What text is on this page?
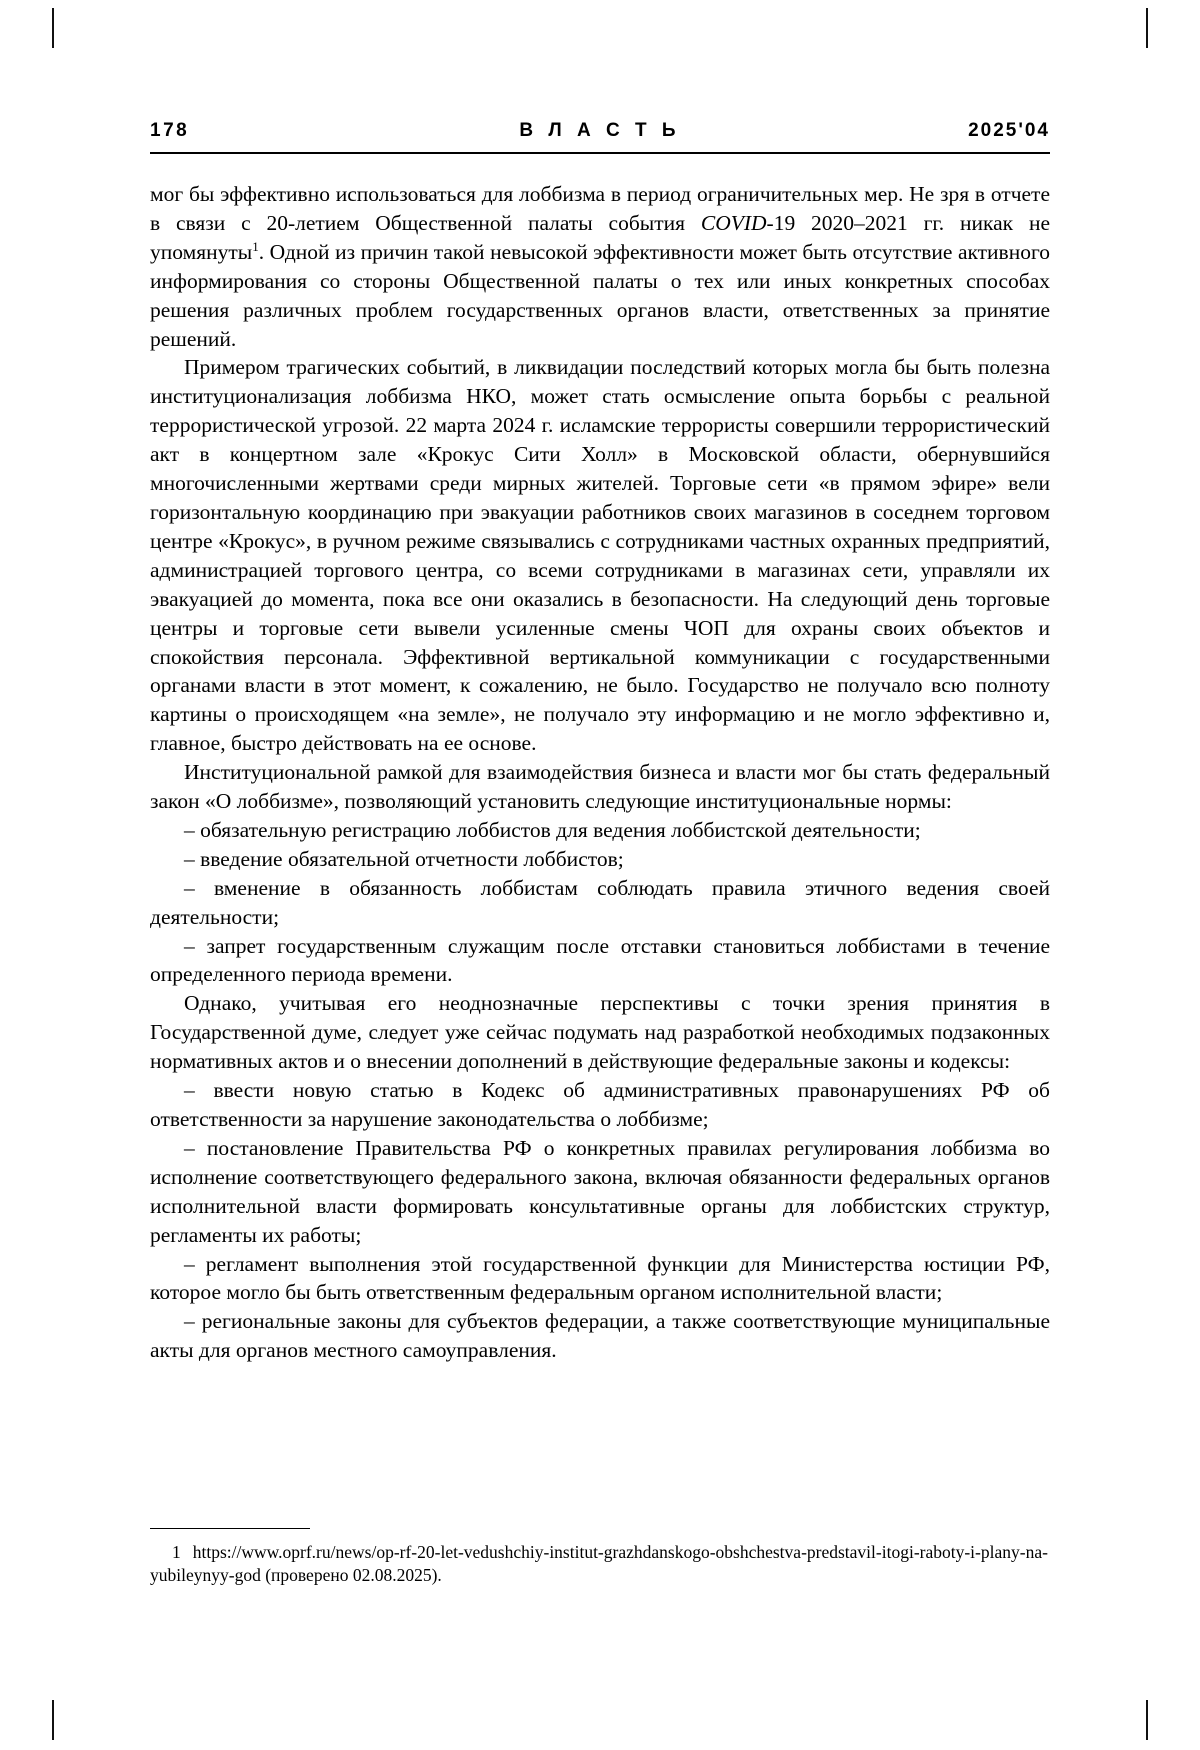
178	В Л А С Т Ь	2025'04

мог бы эффективно использоваться для лоббизма в период ограничительных мер. Не зря в отчете в связи с 20-летием Общественной палаты события COVID-19 2020–2021 гг. никак не упомянуты$^1$. Одной из причин такой невысокой эффективности может быть отсутствие активного информирования со стороны Общественной палаты о тех или иных конкретных способах решения различных проблем государственных органов власти, ответственных за принятие решений.

Примером трагических событий, в ликвидации последствий которых могла бы быть полезна институционализация лоббизма НКО, может стать осмысление опыта борьбы с реальной террористической угрозой. 22 марта 2024 г. исламские террористы совершили террористический акт в концертном зале «Крокус Сити Холл» в Московской области, обернувшийся многочисленными жертвами среди мирных жителей. Торговые сети «в прямом эфире» вели горизонтальную координацию при эвакуации работников своих магазинов в соседнем торговом центре «Крокус», в ручном режиме связывались с сотрудниками частных охранных предприятий, администрацией торгового центра, со всеми сотрудниками в магазинах сети, управляли их эвакуацией до момента, пока все они оказались в безопасности. На следующий день торговые центры и торговые сети вывели усиленные смены ЧОП для охраны своих объектов и спокойствия персонала. Эффективной вертикальной коммуникации с государственными органами власти в этот момент, к сожалению, не было. Государство не получало всю полноту картины о происходящем «на земле», не получало эту информацию и не могло эффективно и, главное, быстро действовать на ее основе.

Институциональной рамкой для взаимодействия бизнеса и власти мог бы стать федеральный закон «О лоббизме», позволяющий установить следующие институциональные нормы:

– обязательную регистрацию лоббистов для ведения лоббистской деятельности;

– введение обязательной отчетности лоббистов;

– вменение в обязанность лоббистам соблюдать правила этичного ведения своей деятельности;

– запрет государственным служащим после отставки становиться лоббистами в течение определенного периода времени.

Однако, учитывая его неоднозначные перспективы с точки зрения принятия в Государственной думе, следует уже сейчас подумать над разработкой необходимых подзаконных нормативных актов и о внесении дополнений в действующие федеральные законы и кодексы:

– ввести новую статью в Кодекс об административных правонарушениях РФ об ответственности за нарушение законодательства о лоббизме;

– постановление Правительства РФ о конкретных правилах регулирования лоббизма во исполнение соответствующего федерального закона, включая обязанности федеральных органов исполнительной власти формировать консультативные органы для лоббистских структур, регламенты их работы;

– регламент выполнения этой государственной функции для Министерства юстиции РФ, которое могло бы быть ответственным федеральным органом исполнительной власти;

– региональные законы для субъектов федерации, а также соответствующие муниципальные акты для органов местного самоуправления.

1 https://www.oprf.ru/news/op-rf-20-let-vedushchiy-institut-grazhdanskogo-obshchestva-predstavil-itogi-raboty-i-plany-na-yubileynyy-god (проверено 02.08.2025).
